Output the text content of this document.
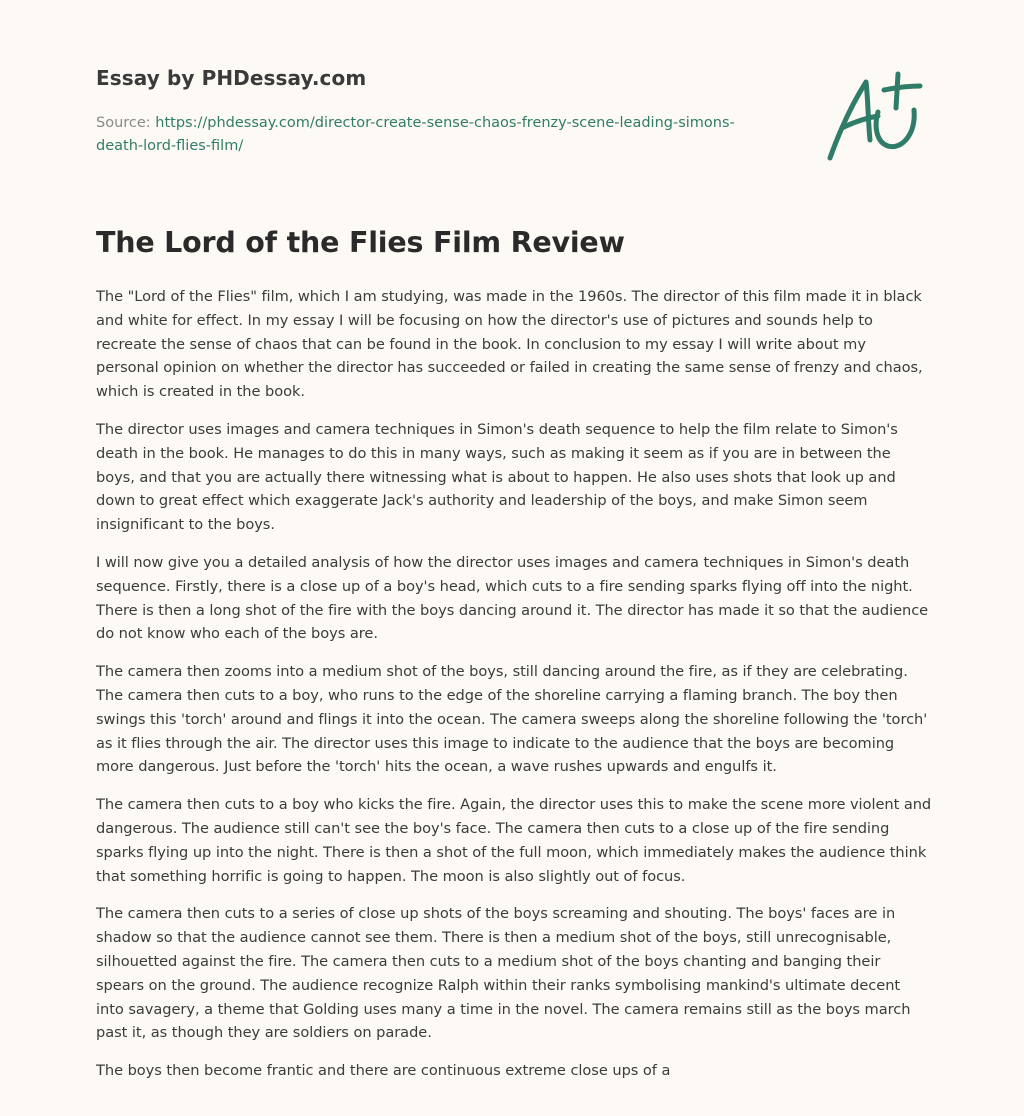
Essay by PHDessay.com
Source: https://phdessay.com/director-create-sense-chaos-frenzy-scene-leading-simons-death-lord-flies-film/
The Lord of the Flies Film Review

The "Lord of the Flies" film, which I am studying, was made in the 1960s. The director of this film made it in black and white for effect. In my essay I will be focusing on how the director's use of pictures and sounds help to recreate the sense of chaos that can be found in the book. In conclusion to my essay I will write about my personal opinion on whether the director has succeeded or failed in creating the same sense of frenzy and chaos, which is created in the book.

The director uses images and camera techniques in Simon's death sequence to help the film relate to Simon's death in the book. He manages to do this in many ways, such as making it seem as if you are in between the boys, and that you are actually there witnessing what is about to happen. He also uses shots that look up and down to great effect which exaggerate Jack's authority and leadership of the boys, and make Simon seem insignificant to the boys.

I will now give you a detailed analysis of how the director uses images and camera techniques in Simon's death sequence. Firstly, there is a close up of a boy's head, which cuts to a fire sending sparks flying off into the night. There is then a long shot of the fire with the boys dancing around it. The director has made it so that the audience do not know who each of the boys are.

The camera then zooms into a medium shot of the boys, still dancing around the fire, as if they are celebrating. The camera then cuts to a boy, who runs to the edge of the shoreline carrying a flaming branch. The boy then swings this 'torch' around and flings it into the ocean. The camera sweeps along the shoreline following the 'torch' as it flies through the air. The director uses this image to indicate to the audience that the boys are becoming more dangerous. Just before the 'torch' hits the ocean, a wave rushes upwards and engulfs it.

The camera then cuts to a boy who kicks the fire. Again, the director uses this to make the scene more violent and dangerous. The audience still can't see the boy's face. The camera then cuts to a close up of the fire sending sparks flying up into the night. There is then a shot of the full moon, which immediately makes the audience think that something horrific is going to happen. The moon is also slightly out of focus.

The camera then cuts to a series of close up shots of the boys screaming and shouting. The boys' faces are in shadow so that the audience cannot see them. There is then a medium shot of the boys, still unrecognisable, silhouetted against the fire. The camera then cuts to a medium shot of the boys chanting and banging their spears on the ground. The audience recognize Ralph within their ranks symbolising mankind's ultimate decent into savagery, a theme that Golding uses many a time in the novel. The camera remains still as the boys march past it, as though they are soldiers on parade.

The boys then become frantic and there are continuous extreme close ups of a
